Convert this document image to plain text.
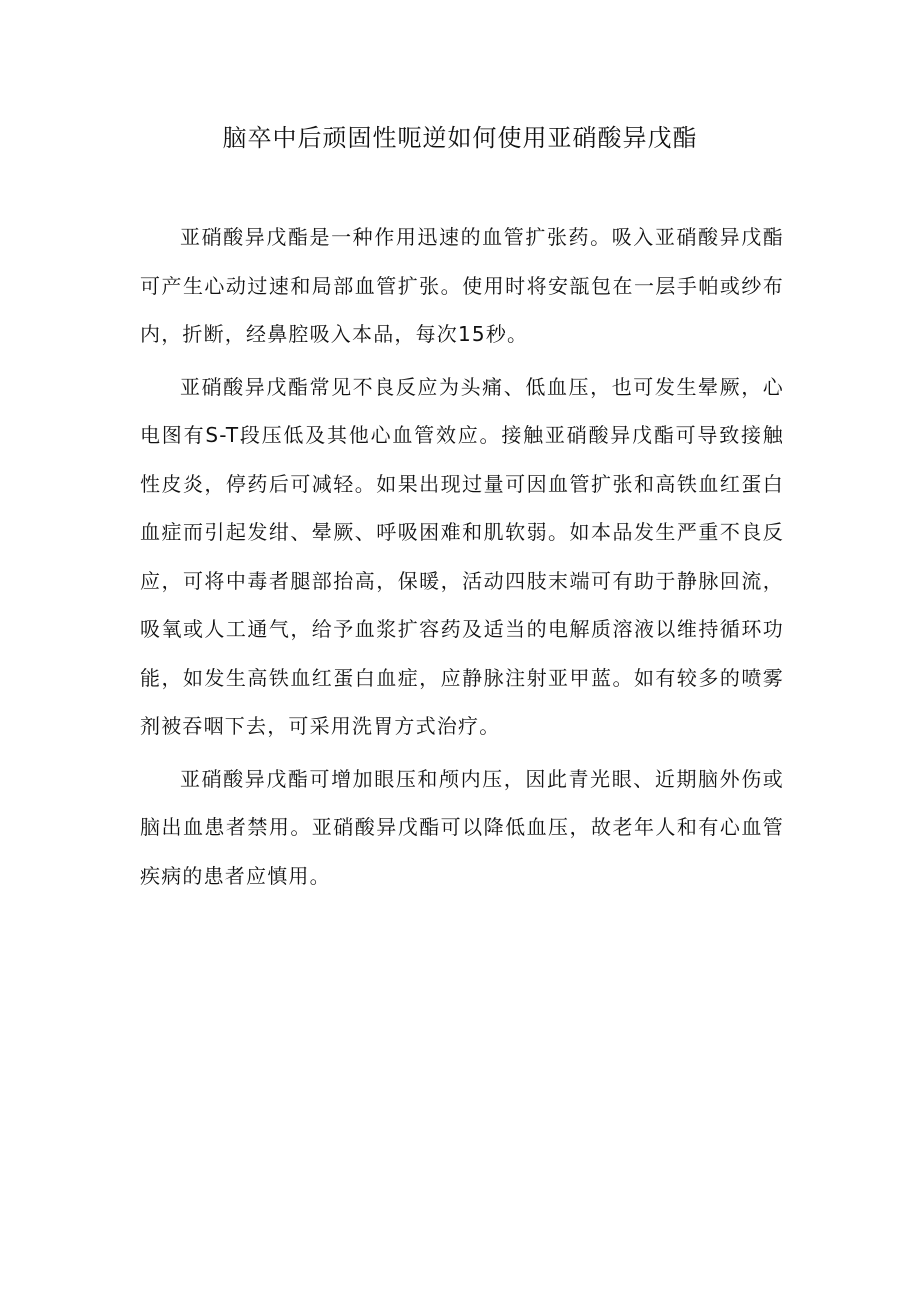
脑卒中后顽固性呃逆如何使用亚硝酸异戊酯

亚硝酸异戊酯是一种作用迅速的血管扩张药。吸入亚硝酸异戊酯可产生心动过速和局部血管扩张。使用时将安瓿包在一层手帕或纱布内，折断，经鼻腔吸入本品，每次15秒。

亚硝酸异戊酯常见不良反应为头痛、低血压，也可发生晕厥，心电图有S-T段压低及其他心血管效应。接触亚硝酸异戊酯可导致接触性皮炎，停药后可减轻。如果出现过量可因血管扩张和高铁血红蛋白血症而引起发绀、晕厥、呼吸困难和肌软弱。如本品发生严重不良反应，可将中毒者腿部抬高，保暖，活动四肢末端可有助于静脉回流，吸氧或人工通气，给予血浆扩容药及适当的电解质溶液以维持循环功能，如发生高铁血红蛋白血症，应静脉注射亚甲蓝。如有较多的喷雾剂被吞咽下去，可采用洗胃方式治疗。

亚硝酸异戊酯可增加眼压和颅内压，因此青光眼、近期脑外伤或脑出血患者禁用。亚硝酸异戊酯可以降低血压，故老年人和有心血管疾病的患者应慎用。
